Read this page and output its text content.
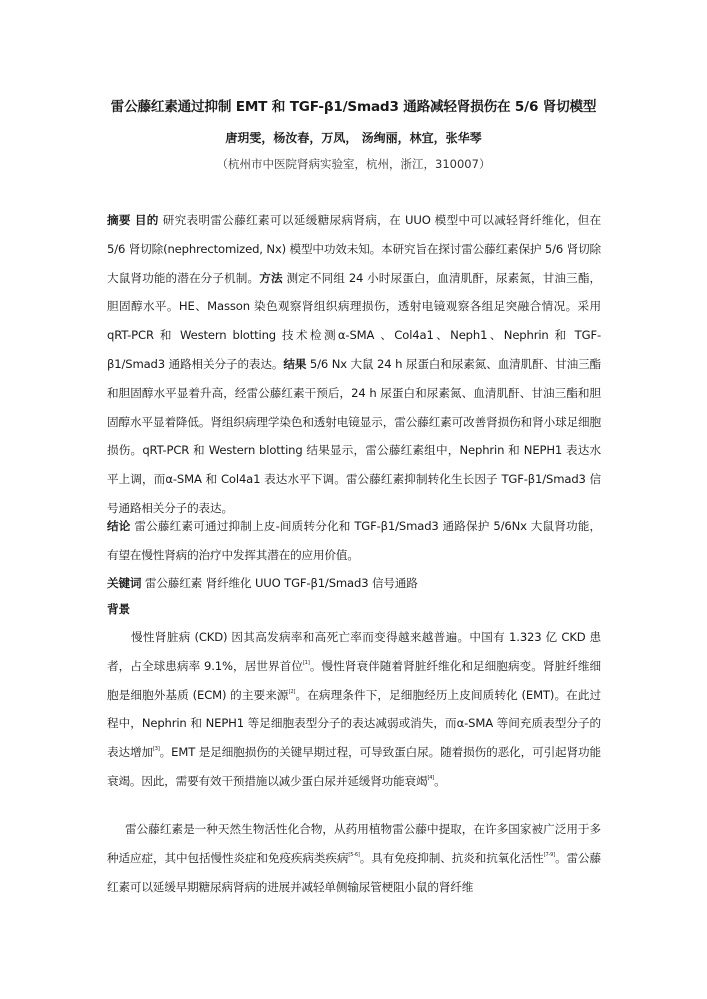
雷公藤红素通过抑制 EMT 和 TGF-β1/Smad3 通路减轻肾损伤在 5/6 肾切模型
唐玥雯，杨汝春，万凤， 汤绚丽，林宜，张华琴
（杭州市中医院肾病实验室，杭州，浙江，310007）
摘要 目的 研究表明雷公藤红素可以延缓糖尿病肾病，在 UUO 模型中可以减轻肾纤维化，但在 5/6 肾切除(nephrectomized, Nx) 模型中功效未知。本研究旨在探讨雷公藤红素保护 5/6 肾切除大鼠肾功能的潜在分子机制。方法 测定不同组 24 小时尿蛋白，血清肌酐，尿素氮，甘油三酯，胆固醇水平。HE、Masson 染色观察肾组织病理损伤，透射电镜观察各组足突融合情况。采用 qRT-PCR 和 Western blotting 技术检测α-SMA 、Col4a1、Neph1、Nephrin 和 TGF-β1/Smad3 通路相关分子的表达。结果 5/6 Nx 大鼠 24 h 尿蛋白和尿素氮、血清肌酐、甘油三酯和胆固醇水平显着升高，经雷公藤红素干预后，24 h 尿蛋白和尿素氮、血清肌酐、甘油三酯和胆固醇水平显着降低。肾组织病理学染色和透射电镜显示，雷公藤红素可改善肾损伤和肾小球足细胞损伤。qRT-PCR 和 Western blotting 结果显示，雷公藤红素组中，Nephrin 和 NEPH1 表达水平上调，而α-SMA 和 Col4a1 表达水平下调。雷公藤红素抑制转化生长因子 TGF-β1/Smad3 信号通路相关分子的表达。
结论 雷公藤红素可通过抑制上皮-间质转分化和 TGF-β1/Smad3 通路保护 5/6Nx 大鼠肾功能，有望在慢性肾病的治疗中发挥其潜在的应用价值。
关键词 雷公藤红素 肾纤维化 UUO TGF-β1/Smad3 信号通路
背景
慢性肾脏病 (CKD) 因其高发病率和高死亡率而变得越来越普遍。中国有 1.323 亿 CKD 患者，占全球患病率 9.1%，居世界首位[1]。慢性肾衰伴随着肾脏纤维化和足细胞病变。肾脏纤维细胞是细胞外基质 (ECM) 的主要来源[2]。在病理条件下，足细胞经历上皮间质转化 (EMT)。在此过程中，Nephrin 和 NEPH1 等足细胞表型分子的表达减弱或消失，而α-SMA 等间充质表型分子的表达增加[3]。EMT 是足细胞损伤的关键早期过程，可导致蛋白尿。随着损伤的恶化，可引起肾功能衰竭。因此，需要有效干预措施以减少蛋白尿并延缓肾功能衰竭[4]。
雷公藤红素是一种天然生物活性化合物，从药用植物雷公藤中提取，在许多国家被广泛用于多种适应症，其中包括慢性炎症和免疫疾病类疾病[5-6]。具有免疫抑制、抗炎和抗氧化活性[7-9]。雷公藤红素可以延缓早期糖尿病肾病的进展并减轻单侧输尿管梗阻小鼠的肾纤维
